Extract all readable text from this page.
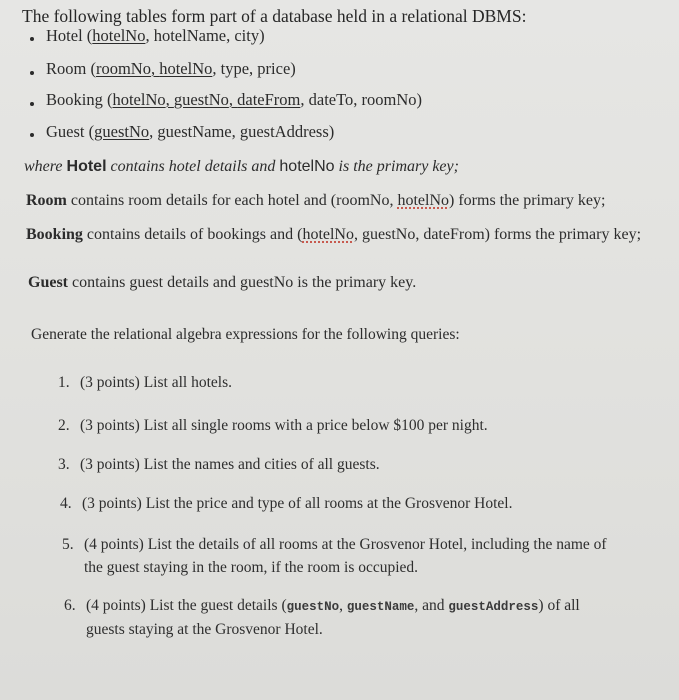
The following tables form part of a database held in a relational DBMS:
Hotel (hotelNo, hotelName, city)
Room (roomNo, hotelNo, type, price)
Booking (hotelNo, guestNo, dateFrom, dateTo, roomNo)
Guest (guestNo, guestName, guestAddress)
where Hotel contains hotel details and hotelNo is the primary key;
Room contains room details for each hotel and (roomNo, hotelNo) forms the primary key;
Booking contains details of bookings and (hotelNo, guestNo, dateFrom) forms the primary key;
Guest contains guest details and guestNo is the primary key.
Generate the relational algebra expressions for the following queries:
1. (3 points) List all hotels.
2. (3 points) List all single rooms with a price below $100 per night.
3. (3 points) List the names and cities of all guests.
4. (3 points) List the price and type of all rooms at the Grosvenor Hotel.
5. (4 points) List the details of all rooms at the Grosvenor Hotel, including the name of
the guest staying in the room, if the room is occupied.
6. (4 points) List the guest details (guestNo, guestName, and guestAddress) of all
guests staying at the Grosvenor Hotel.
